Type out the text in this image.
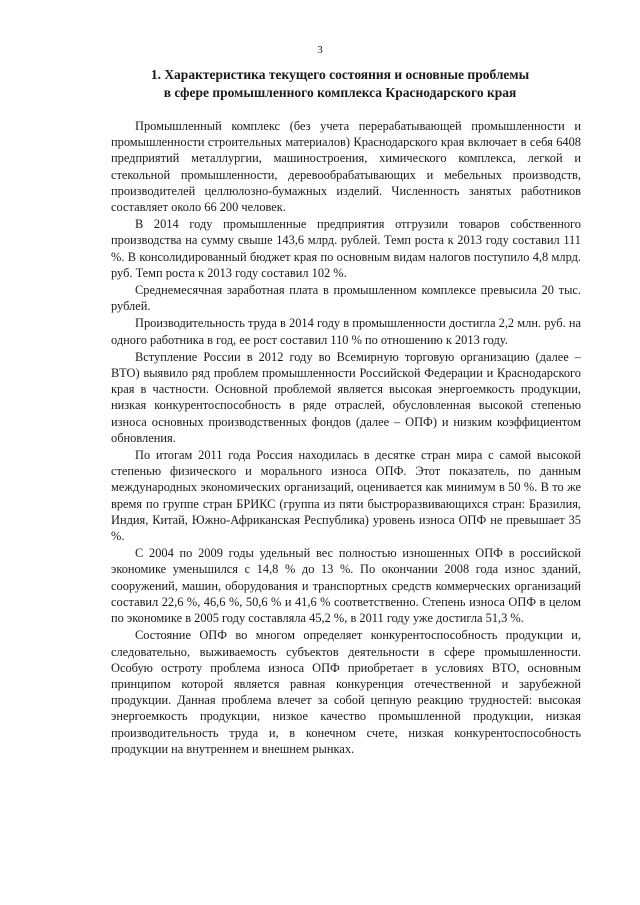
3
1. Характеристика текущего состояния и основные проблемы
в сфере промышленного комплекса Краснодарского края

Промышленный комплекс (без учета перерабатывающей промышленности и промышленности строительных материалов) Краснодарского края включает в себя 6408 предприятий металлургии, машиностроения, химического комплекса, легкой и стекольной промышленности, деревообрабатывающих и мебельных производств, производителей целлюлозно-бумажных изделий. Численность занятых работников составляет около 66 200 человек.

В 2014 году промышленные предприятия отгрузили товаров собственного производства на сумму свыше 143,6 млрд. рублей. Темп роста к 2013 году составил 111 %. В консолидированный бюджет края по основным видам налогов поступило 4,8 млрд. руб. Темп роста к 2013 году составил 102 %.

Среднемесячная заработная плата в промышленном комплексе превысила 20 тыс. рублей.

Производительность труда в 2014 году в промышленности достигла 2,2 млн. руб. на одного работника в год, ее рост составил 110 % по отношению к 2013 году.

Вступление России в 2012 году во Всемирную торговую организацию (далее – ВТО) выявило ряд проблем промышленности Российской Федерации и Краснодарского края в частности. Основной проблемой является высокая энергоемкость продукции, низкая конкурентоспособность в ряде отраслей, обусловленная высокой степенью износа основных производственных фондов (далее – ОПФ) и низким коэффициентом обновления.

По итогам 2011 года Россия находилась в десятке стран мира с самой высокой степенью физического и морального износа ОПФ. Этот показатель, по данным международных экономических организаций, оценивается как минимум в 50 %. В то же время по группе стран БРИКС (группа из пяти быстроразвивающихся стран: Бразилия, Индия, Китай, Южно-Африканская Республика) уровень износа ОПФ не превышает 35 %.

С 2004 по 2009 годы удельный вес полностью изношенных ОПФ в российской экономике уменьшился с 14,8 % до 13 %. По окончании 2008 года износ зданий, сооружений, машин, оборудования и транспортных средств коммерческих организаций составил 22,6 %, 46,6 %, 50,6 % и 41,6 % соответственно. Степень износа ОПФ в целом по экономике в 2005 году составляла 45,2 %, в 2011 году уже достигла 51,3 %.

Состояние ОПФ во многом определяет конкурентоспособность продукции и, следовательно, выживаемость субъектов деятельности в сфере промышленности. Особую остроту проблема износа ОПФ приобретает в условиях ВТО, основным принципом которой является равная конкуренция отечественной и зарубежной продукции. Данная проблема влечет за собой цепную реакцию трудностей: высокая энергоемкость продукции, низкое качество промышленной продукции, низкая производительность труда и, в конечном счете, низкая конкурентоспособность продукции на внутреннем и внешнем рынках.
